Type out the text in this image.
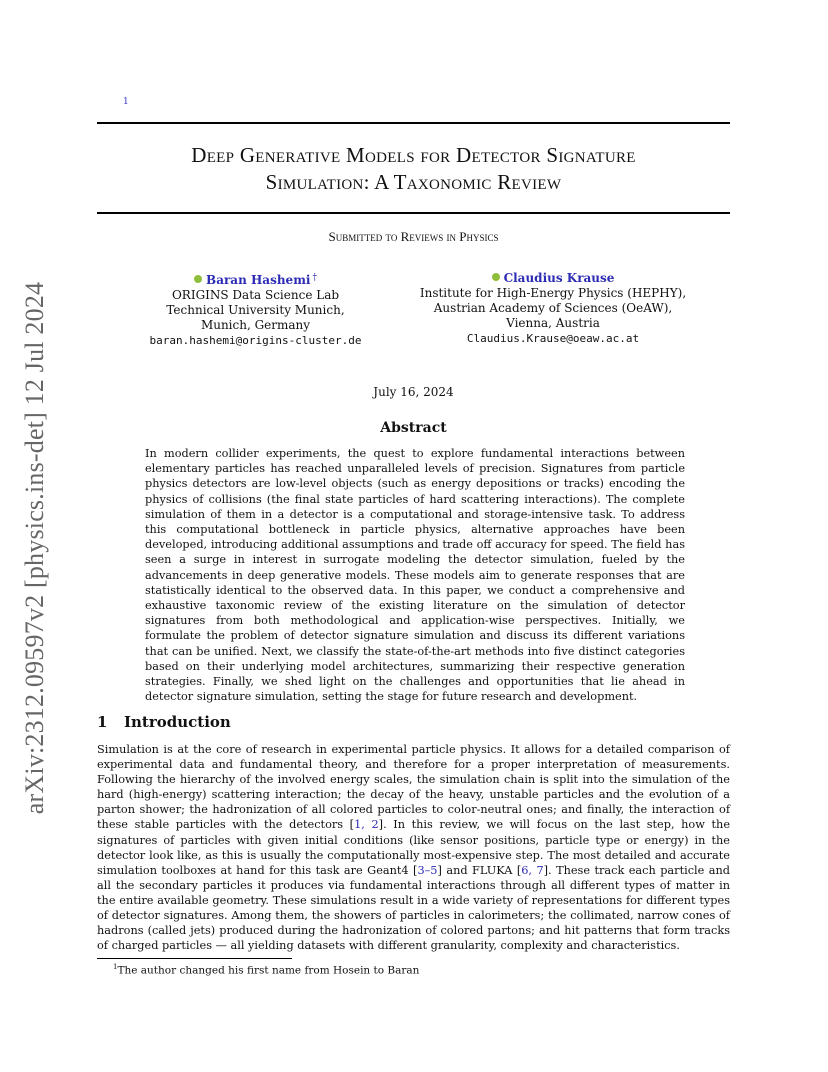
arXiv:2312.09597v2 [physics.ins-det] 12 Jul 2024
1
Deep Generative Models for Detector Signature
Simulation: A Taxonomic Review
Submitted to Reviews in Physics
Baran Hashemi †
ORIGINS Data Science Lab
Technical University Munich,
Munich, Germany
baran.hashemi@origins-cluster.de
Claudius Krause
Institute for High-Energy Physics (HEPHY),
Austrian Academy of Sciences (OeAW),
Vienna, Austria
Claudius.Krause@oeaw.ac.at
July 16, 2024
Abstract
In modern collider experiments, the quest to explore fundamental interactions between elementary particles has reached unparalleled levels of precision. Signatures from particle physics detectors are low-level objects (such as energy depositions or tracks) encoding the physics of collisions (the final state particles of hard scattering interactions). The complete simulation of them in a detector is a computational and storage-intensive task. To address this computational bottleneck in particle physics, alternative approaches have been developed, introducing additional assumptions and trade off accuracy for speed. The field has seen a surge in interest in surrogate modeling the detector simulation, fueled by the advancements in deep generative models. These models aim to generate responses that are statistically identical to the observed data. In this paper, we conduct a comprehensive and exhaustive taxonomic review of the existing literature on the simulation of detector signatures from both methodological and application-wise perspectives. Initially, we formulate the problem of detector signature simulation and discuss its different variations that can be unified. Next, we classify the state-of-the-art methods into five distinct categories based on their underlying model architectures, summarizing their respective generation strategies. Finally, we shed light on the challenges and opportunities that lie ahead in detector signature simulation, setting the stage for future research and development.
1 Introduction
Simulation is at the core of research in experimental particle physics. It allows for a detailed comparison of experimental data and fundamental theory, and therefore for a proper interpretation of measurements. Following the hierarchy of the involved energy scales, the simulation chain is split into the simulation of the hard (high-energy) scattering interaction; the decay of the heavy, unstable particles and the evolution of a parton shower; the hadronization of all colored particles to color-neutral ones; and finally, the interaction of these stable particles with the detectors [1, 2]. In this review, we will focus on the last step, how the signatures of particles with given initial conditions (like sensor positions, particle type or energy) in the detector look like, as this is usually the computationally most-expensive step. The most detailed and accurate simulation toolboxes at hand for this task are Geant4 [3–5] and FLUKA [6, 7]. These track each particle and all the secondary particles it produces via fundamental interactions through all different types of matter in the entire available geometry. These simulations result in a wide variety of representations for different types of detector signatures. Among them, the showers of particles in calorimeters; the collimated, narrow cones of hadrons (called jets) produced during the hadronization of colored partons; and hit patterns that form tracks of charged particles — all yielding datasets with different granularity, complexity and characteristics.
$^1$The author changed his first name from Hosein to Baran
